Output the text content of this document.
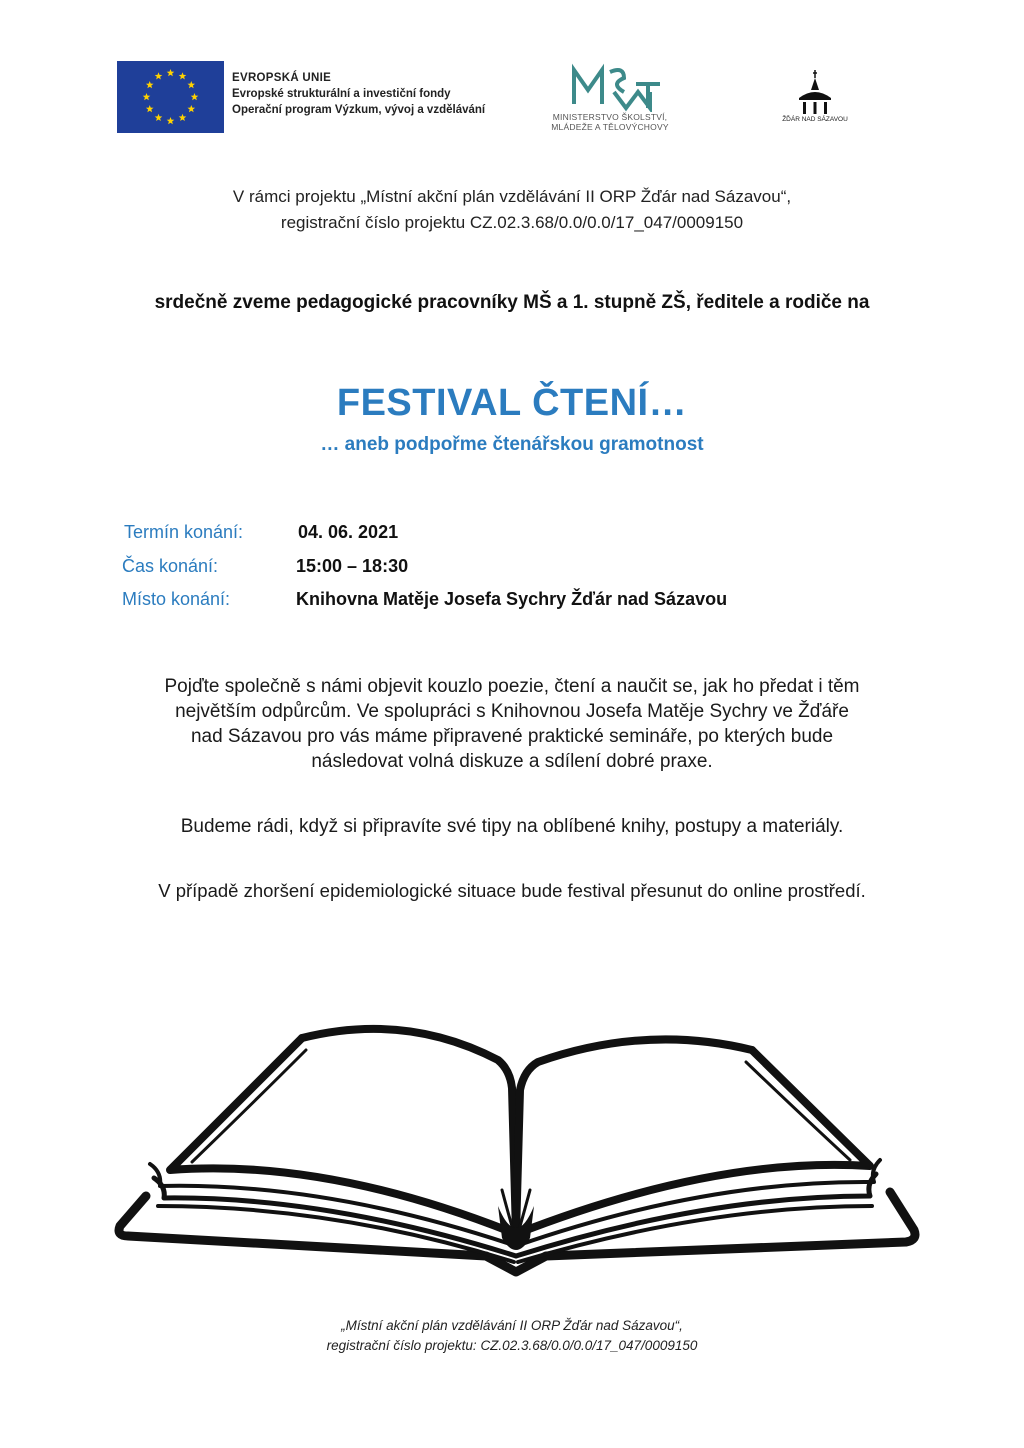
EVROPSKÁ UNIE
Evropské strukturální a investiční fondy
Operační program Výzkum, vývoj a vzdělávání
MINISTERSTVO ŠKOLSTVÍ,
MLÁDEŽE A TĚLOVÝCHOVY
ŽĎÁR NAD SÁZAVOU
V rámci projektu „Místní akční plán vzdělávání II ORP Žďár nad Sázavou“,
registrační číslo projektu CZ.02.3.68/0.0/0.0/17_047/0009150
srdečně zveme pedagogické pracovníky MŠ a 1. stupně ZŠ, ředitele a rodiče na
FESTIVAL ČTENÍ…
… aneb podpořme čtenářskou gramotnost
Termín konání:	04. 06. 2021
Čas konání:	15:00 – 18:30
Místo konání:	Knihovna Matěje Josefa Sychry Žďár nad Sázavou
Pojďte společně s námi objevit kouzlo poezie, čtení a naučit se, jak ho předat i těm
největším odpůrcům. Ve spolupráci s Knihovnou Josefa Matěje Sychry ve Žďáře
nad Sázavou pro vás máme připravené praktické semináře, po kterých bude
následovat volná diskuze a sdílení dobré praxe.
Budeme rádi, když si připravíte své tipy na oblíbené knihy, postupy a materiály.
V případě zhoršení epidemiologické situace bude festival přesunut do online prostředí.
„Místní akční plán vzdělávání II ORP Žďár nad Sázavou“,
registrační číslo projektu: CZ.02.3.68/0.0/0.0/17_047/0009150
